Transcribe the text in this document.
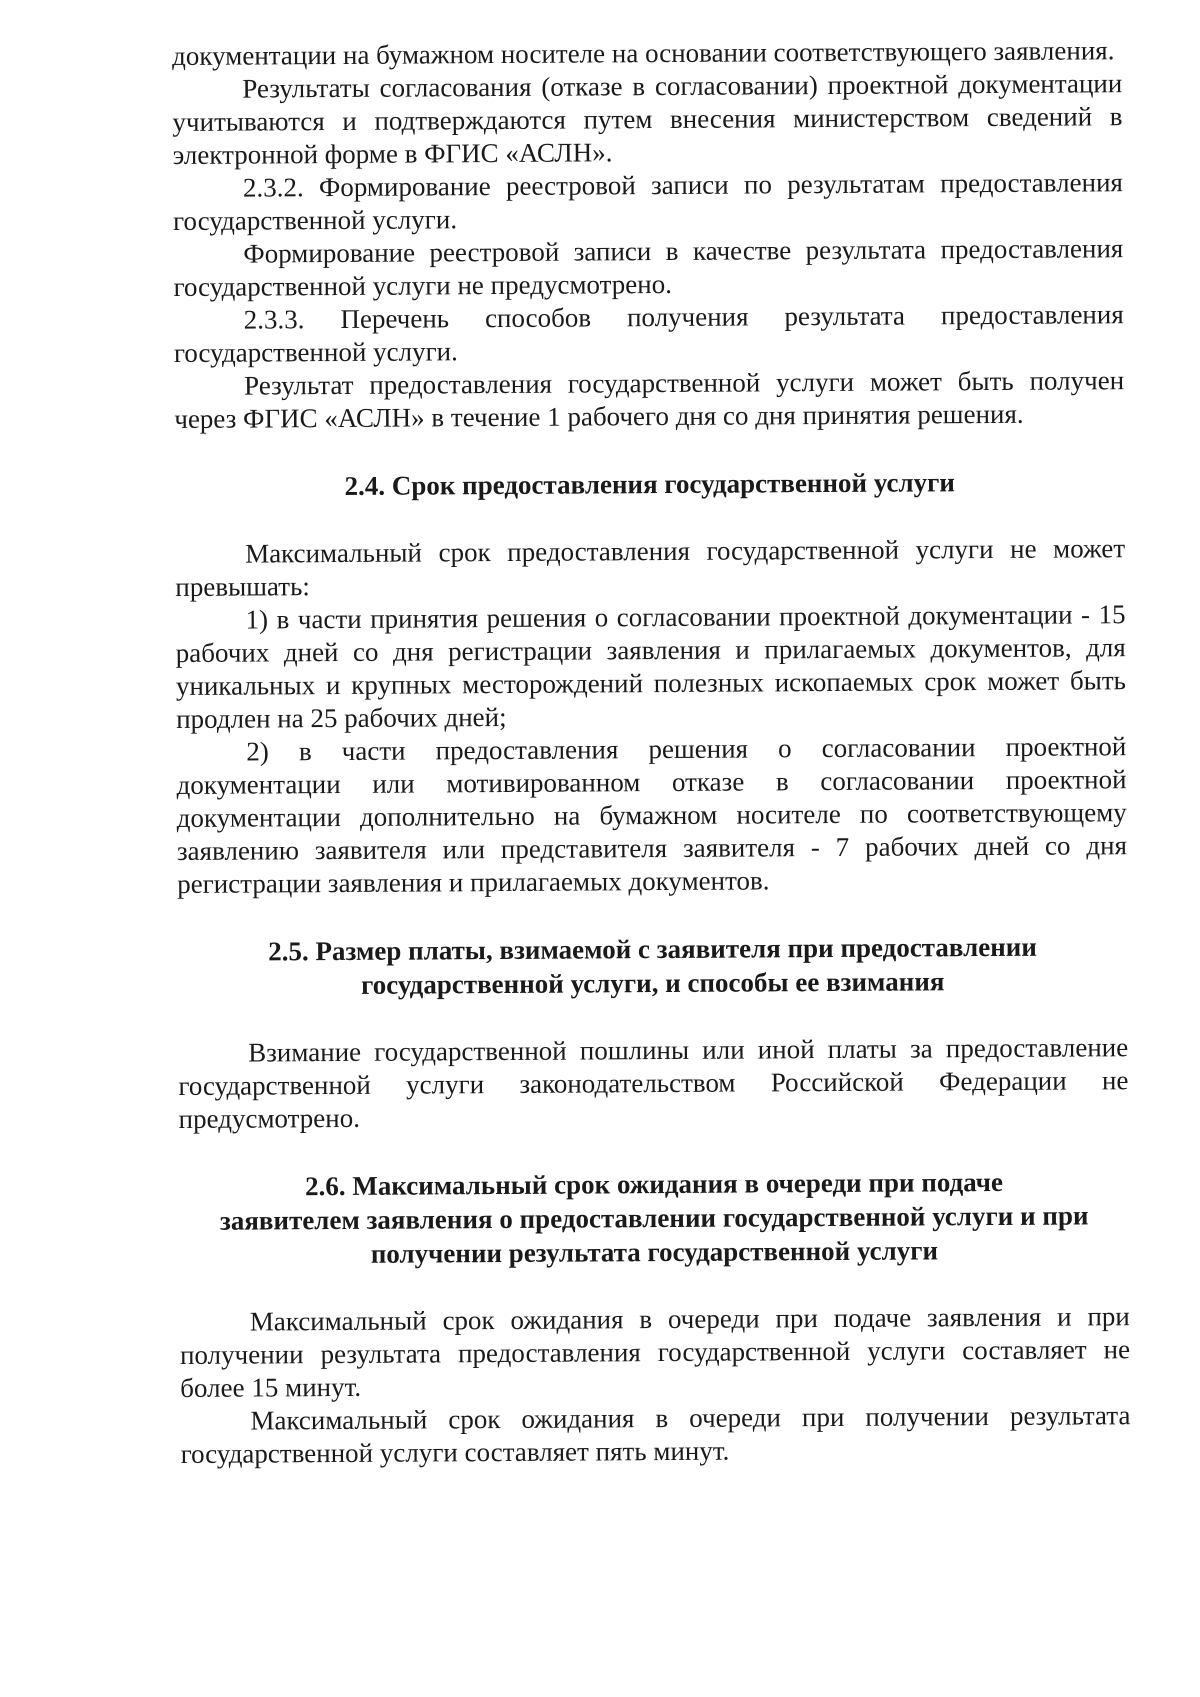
документации на бумажном носителе на основании соответствующего заявления.

Результаты согласования (отказе в согласовании) проектной документации учитываются и подтверждаются путем внесения министерством сведений в электронной форме в ФГИС «АСЛН».

2.3.2. Формирование реестровой записи по результатам предоставления государственной услуги.

Формирование реестровой записи в качестве результата предоставления государственной услуги не предусмотрено.

2.3.3. Перечень способов получения результата предоставления государственной услуги.

Результат предоставления государственной услуги может быть получен через ФГИС «АСЛН» в течение 1 рабочего дня со дня принятия решения.

2.4. Срок предоставления государственной услуги

Максимальный срок предоставления государственной услуги не может превышать:

1) в части принятия решения о согласовании проектной документации - 15 рабочих дней со дня регистрации заявления и прилагаемых документов, для уникальных и крупных месторождений полезных ископаемых срок может быть продлен на 25 рабочих дней;

2) в части предоставления решения о согласовании проектной документации или мотивированном отказе в согласовании проектной документации дополнительно на бумажном носителе по соответствующему заявлению заявителя или представителя заявителя - 7 рабочих дней со дня регистрации заявления и прилагаемых документов.

2.5. Размер платы, взимаемой с заявителя при предоставлении
государственной услуги, и способы ее взимания

Взимание государственной пошлины или иной платы за предоставление государственной услуги законодательством Российской Федерации не предусмотрено.

2.6. Максимальный срок ожидания в очереди при подаче
заявителем заявления о предоставлении государственной услуги и при
получении результата государственной услуги

Максимальный срок ожидания в очереди при подаче заявления и при получении результата предоставления государственной услуги составляет не более 15 минут.

Максимальный срок ожидания в очереди при получении результата государственной услуги составляет пять минут.
